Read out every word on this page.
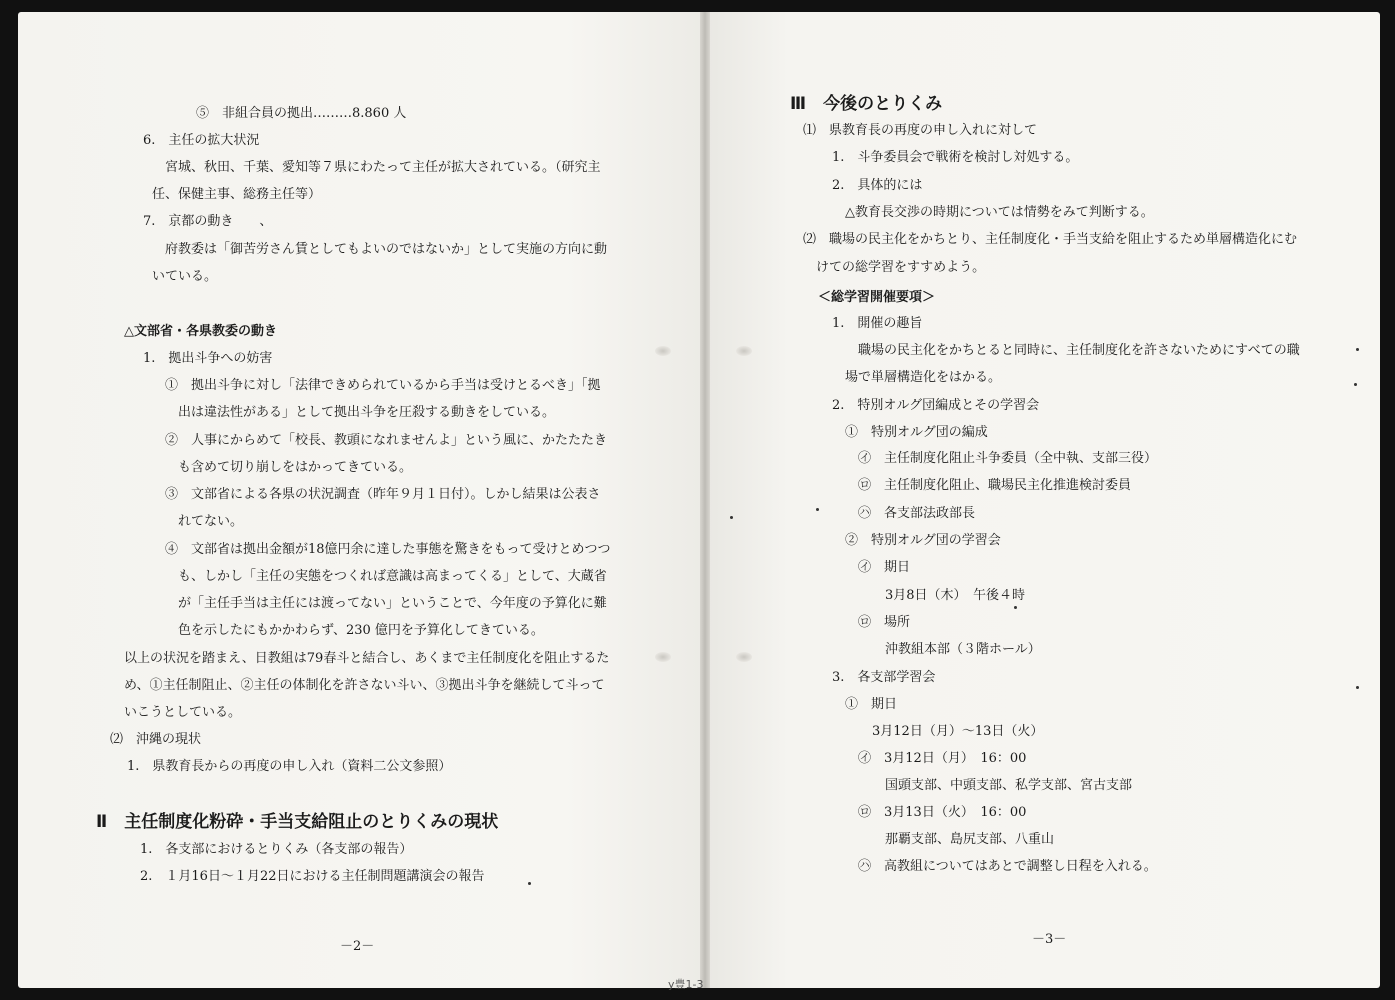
⑤　非組合員の拠出………8.860 人
6.　主任の拡大状況
宮城、秋田、千葉、愛知等７県にわたって主任が拡大されている。（研究主
任、保健主事、総務主任等）
7.　京都の動き　　、
府教委は「御苦労さん賃としてもよいのではないか」として実施の方向に動
いている。
△文部省・各県教委の動き
1.　拠出斗争への妨害
①　拠出斗争に対し「法律できめられているから手当は受けとるべき」「拠
出は違法性がある」として拠出斗争を圧殺する動きをしている。
②　人事にからめて「校長、教頭になれませんよ」という風に、かたたたき
も含めて切り崩しをはかってきている。
③　文部省による各県の状況調査（昨年９月１日付）。しかし結果は公表さ
れてない。
④　文部省は拠出金額が18億円余に達した事態を驚きをもって受けとめつつ
も、しかし「主任の実態をつくれば意識は高まってくる」として、大蔵省
が「主任手当は主任には渡ってない」ということで、今年度の予算化に難
色を示したにもかかわらず、230 億円を予算化してきている。
以上の状況を踏まえ、日教組は79春斗と結合し、あくまで主任制度化を阻止するた
め、①主任制阻止、②主任の体制化を許さない斗い、③拠出斗争を継続して斗って
いこうとしている。
⑵　沖縄の現状
1.　県教育長からの再度の申し入れ（資料二公文参照）
Ⅱ　主任制度化粉砕・手当支給阻止のとりくみの現状
1.　各支部におけるとりくみ（各支部の報告）
2.　１月16日～１月22日における主任制問題講演会の報告
－2－
y豊1-3
Ⅲ　今後のとりくみ
⑴　県教育長の再度の申し入れに対して
1.　斗争委員会で戦術を検討し対処する。
2.　具体的には
△教育長交渉の時期については情勢をみて判断する。
⑵　職場の民主化をかちとり、主任制度化・手当支給を阻止するため単層構造化にむ
けての総学習をすすめよう。
＜総学習開催要項＞
1.　開催の趣旨
職場の民主化をかちとると同時に、主任制度化を許さないためにすべての職
場で単層構造化をはかる。
2.　特別オルグ団編成とその学習会
①　特別オルグ団の編成
㋑　主任制度化阻止斗争委員（全中執、支部三役）
㋺　主任制度化阻止、職場民主化推進検討委員
㋩　各支部法政部長
②　特別オルグ団の学習会
㋑　期日
3月8日（木）　午後４時
㋺　場所
沖教組本部（３階ホール）
3.　各支部学習会
①　期日
3月12日（月）～13日（火）
㋑　3月12日（月）　16：00
国頭支部、中頭支部、私学支部、宮古支部
㋺　3月13日（火）　16：00
那覇支部、島尻支部、八重山
㋩　高教組についてはあとで調整し日程を入れる。
－3－
